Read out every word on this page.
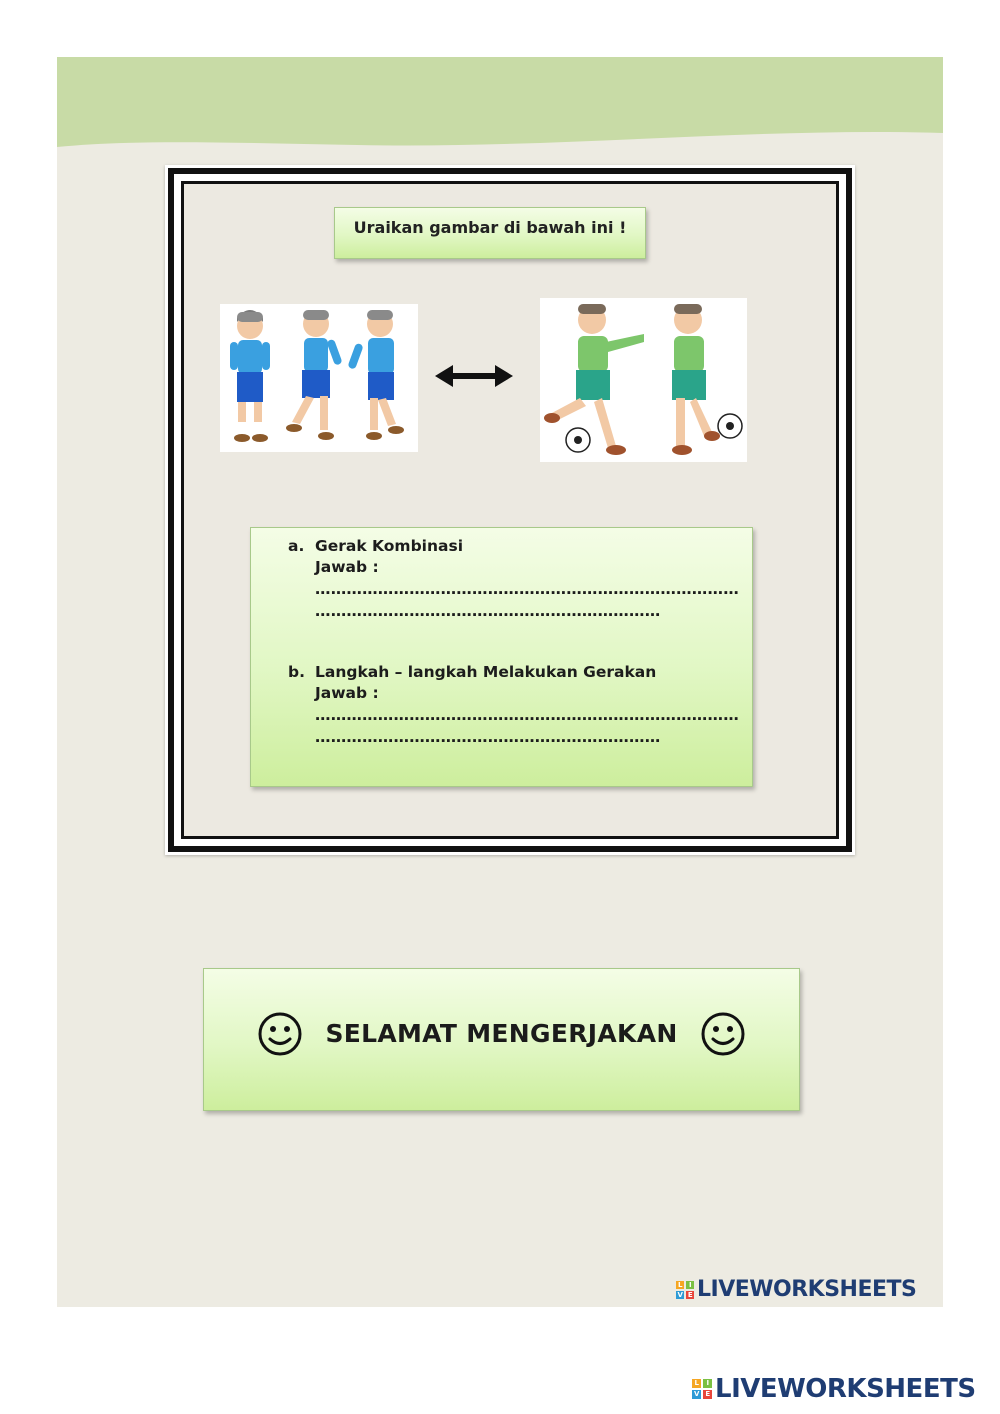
Uraikan gambar di bawah ini !
a. Gerak Kombinasi
Jawab :
………………………………………………………………………
…………………………………………………………
b. Langkah – langkah Melakukan Gerakan
Jawab :
………………………………………………………………………
…………………………………………………………
SELAMAT MENGERJAKAN
L I
V E LIVEWORKSHEETS
L	I
V E LIVEWORKSHEETS
